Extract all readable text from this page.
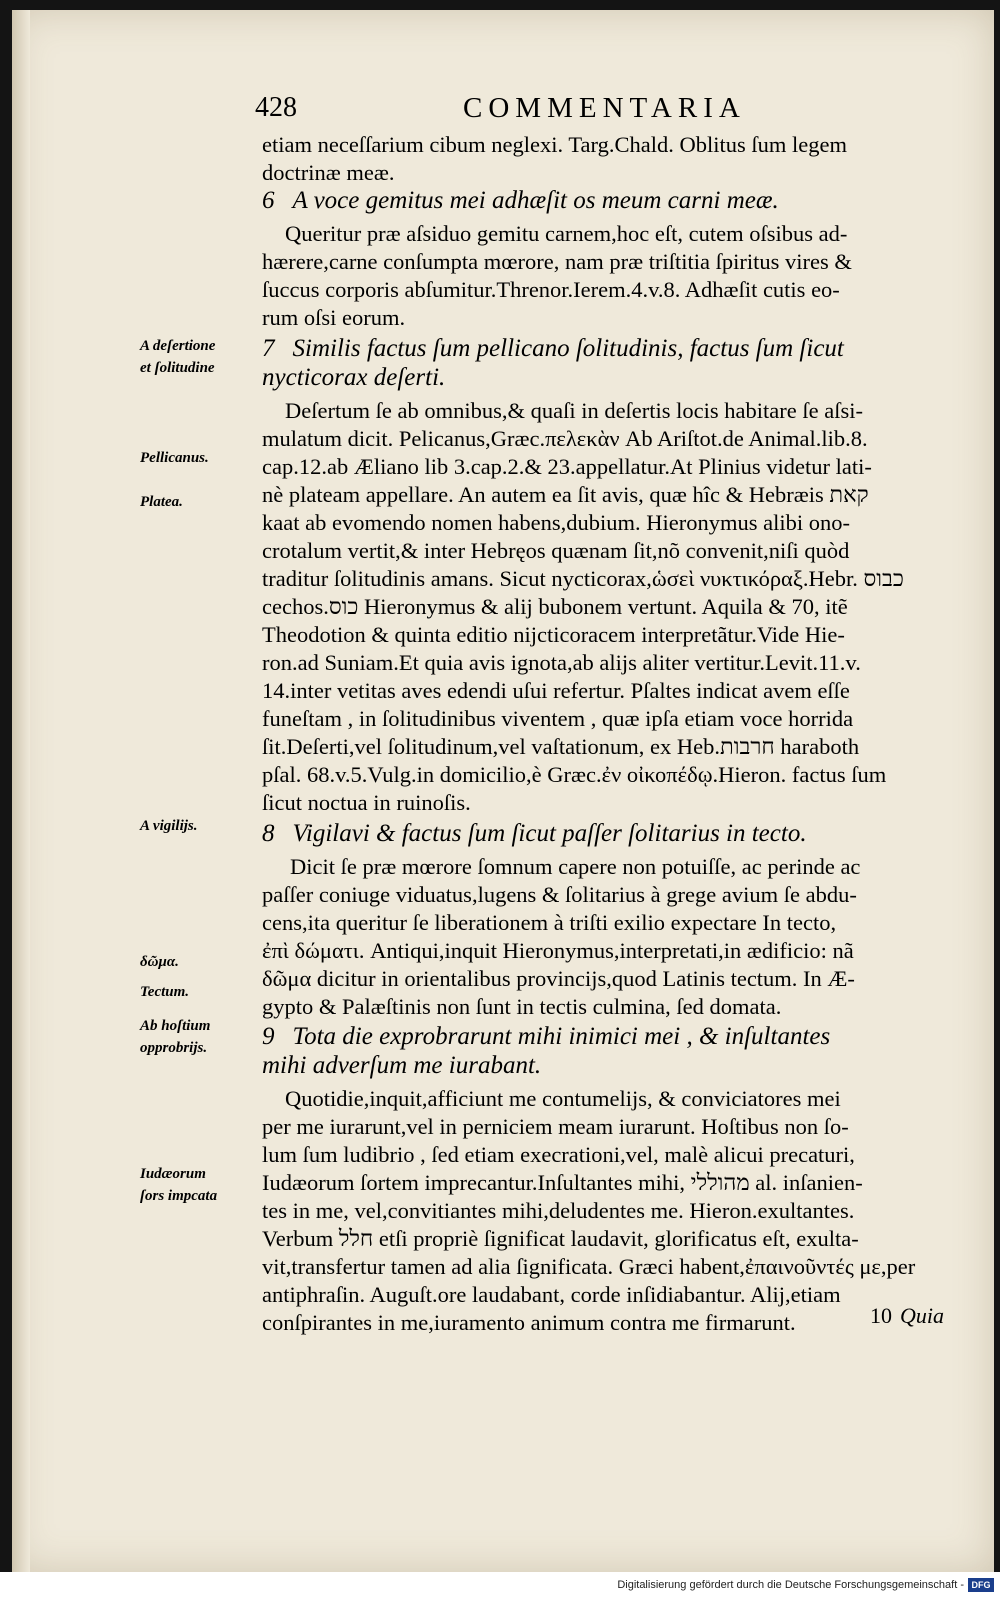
428	COMMENTARIA
etiam neceſſarium cibum neglexi. Targ.Chald. Oblitus ſum legem
doctrinæ meæ.
6 A voce gemitus mei adhæſit os meum carni meæ.
Queritur præ aſsiduo gemitu carnem,hoc eſt, cutem oſsibus ad-
hærere,carne conſumpta mœrore, nam præ triſtitia ſpiritus vires &
ſuccus corporis abſumitur.Threnor.Ierem.4.v.8. Adhæſit cutis eo-
rum oſsi eorum.
7 Similis factus ſum pellicano ſolitudinis, factus ſum ſicut
nycticorax deſerti.
Deſertum ſe ab omnibus,& quaſi in deſertis locis habitare ſe aſsi-
mulatum dicit. Pelicanus,Græc.πελεκὰν Ab Ariſtot.de Animal.lib.8.
cap.12.ab Æliano lib 3.cap.2.& 23.appellatur.At Plinius videtur lati-
nè plateam appellare. An autem ea ſit avis, quæ hîc & Hebræis קאת
kaat ab evomendo nomen habens,dubium. Hieronymus alibi ono-
crotalum vertit,& inter Hebręos quænam ſit,nõ convenit,niſi quòd
traditur ſolitudinis amans. Sicut nycticorax,ὡσεὶ νυκτικόραξ.Hebr. כבוס
cechos.כוס Hieronymus & alij bubonem vertunt. Aquila & 70, itẽ
Theodotion & quinta editio nijcticoracem interpretãtur.Vide Hie-
ron.ad Suniam.Et quia avis ignota,ab alijs aliter vertitur.Levit.11.v.
14.inter vetitas aves edendi uſui refertur. Pſaltes indicat avem eſſe
funeſtam , in ſolitudinibus viventem , quæ ipſa etiam voce horrida
ſit.Deſerti,vel ſolitudinum,vel vaſtationum, ex Heb.חרבות haraboth
pſal. 68.v.5.Vulg.in domicilio,è Græc.ἐν οἰκοπέδῳ.Hieron. factus ſum
ſicut noctua in ruinoſis.
8 Vigilavi & factus ſum ſicut paſſer ſolitarius in tecto.
Dicit ſe præ mœrore ſomnum capere non potuiſſe, ac perinde ac
paſſer coniuge viduatus,lugens & ſolitarius à grege avium ſe abdu-
cens,ita queritur ſe liberationem à triſti exilio expectare In tecto,
ἐπὶ δώματι. Antiqui,inquit Hieronymus,interpretati,in ædificio: nã
δῶμα dicitur in orientalibus provincijs,quod Latinis tectum. In Æ-
gypto & Palæſtinis non ſunt in tectis culmina, ſed domata.
9 Tota die exprobrarunt mihi inimici mei , & inſultantes
mihi adverſum me iurabant.
Quotidie,inquit,afficiunt me contumelijs, & conviciatores mei
per me iurarunt,vel in perniciem meam iurarunt. Hoſtibus non ſo-
lum ſum ludibrio , ſed etiam execrationi,vel, malè alicui precaturi,
Iudæorum ſortem imprecantur.Inſultantes mihi, מהוללי al. inſanien-
tes in me, vel,convitiantes mihi,deludentes me. Hieron.exultantes.
Verbum חלל etſi propriè ſignificat laudavit, glorificatus eſt, exulta-
vit,transfertur tamen ad alia ſignificata. Græci habent,ἐπαινοῦντές με,per
antiphraſin. Auguſt.ore laudabant, corde inſidiabantur. Alij,etiam
conſpirantes in me,iuramento animum contra me firmarunt.	10 Quia
A deſertione
et ſolitudine
Pellicanus.
Platea.
A vigilijs.
δῶμα.
Tectum.
Ab hoſtium
opprobrijs.
Iudæorum
ſors impcata
Digitalisierung gefördert durch die Deutsche Forschungsgemeinschaft - DFG
